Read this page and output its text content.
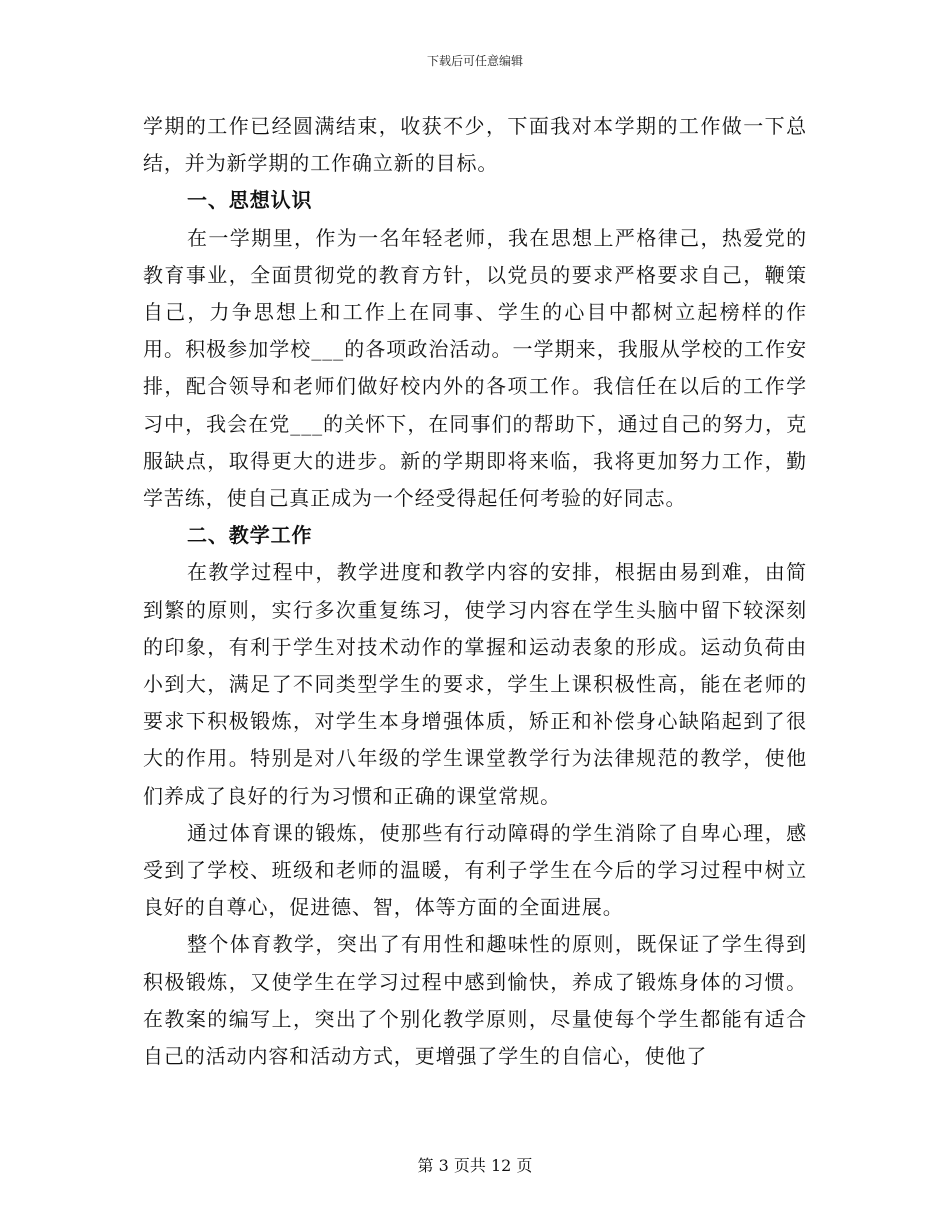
下载后可任意编辑

学期的工作已经圆满结束，收获不少，下面我对本学期的工作做一下总结，并为新学期的工作确立新的目标。

一、思想认识

在一学期里，作为一名年轻老师，我在思想上严格律己，热爱党的教育事业，全面贯彻党的教育方针，以党员的要求严格要求自己，鞭策自己，力争思想上和工作上在同事、学生的心目中都树立起榜样的作用。积极参加学校___的各项政治活动。一学期来，我服从学校的工作安排，配合领导和老师们做好校内外的各项工作。我信任在以后的工作学习中，我会在党___的关怀下，在同事们的帮助下，通过自己的努力，克服缺点，取得更大的进步。新的学期即将来临，我将更加努力工作，勤学苦练，使自己真正成为一个经受得起任何考验的好同志。

二、教学工作

在教学过程中，教学进度和教学内容的安排，根据由易到难，由简到繁的原则，实行多次重复练习，使学习内容在学生头脑中留下较深刻的印象，有利于学生对技术动作的掌握和运动表象的形成。运动负荷由小到大，满足了不同类型学生的要求，学生上课积极性高，能在老师的要求下积极锻炼，对学生本身增强体质，矫正和补偿身心缺陷起到了很大的作用。特别是对八年级的学生课堂教学行为法律规范的教学，使他们养成了良好的行为习惯和正确的课堂常规。

通过体育课的锻炼，使那些有行动障碍的学生消除了自卑心理，感受到了学校、班级和老师的温暖，有利子学生在今后的学习过程中树立良好的自尊心，促进德、智，体等方面的全面进展。

整个体育教学，突出了有用性和趣味性的原则，既保证了学生得到积极锻炼，又使学生在学习过程中感到愉快，养成了锻炼身体的习惯。在教案的编写上，突出了个别化教学原则，尽量使每个学生都能有适合自己的活动内容和活动方式，更增强了学生的自信心，使他了

第 3 页共 12 页
